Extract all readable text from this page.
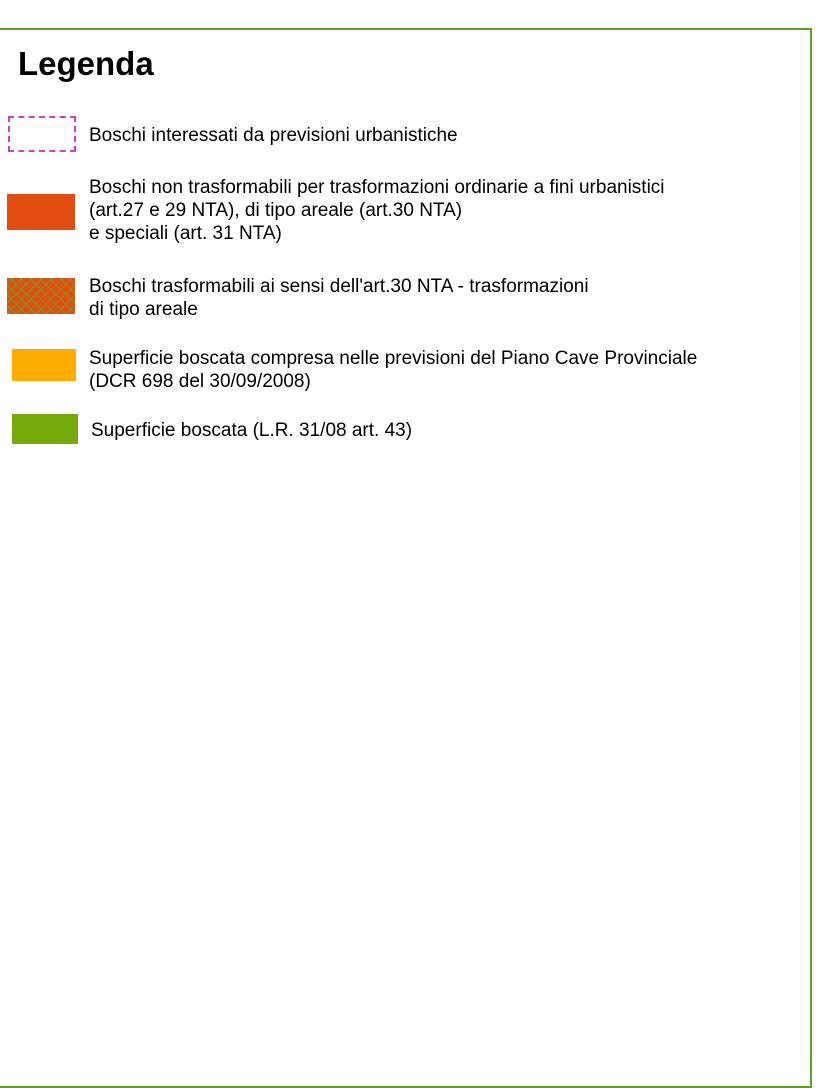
Legenda
Boschi interessati da previsioni urbanistiche
Boschi non trasformabili per trasformazioni ordinarie a fini urbanistici
(art.27 e 29 NTA), di tipo areale (art.30 NTA)
e speciali (art. 31 NTA)
Boschi trasformabili ai sensi dell'art.30 NTA - trasformazioni
di tipo areale
Superficie boscata compresa nelle previsioni del Piano Cave Provinciale
(DCR 698 del 30/09/2008)
Superficie boscata (L.R. 31/08 art. 43)
